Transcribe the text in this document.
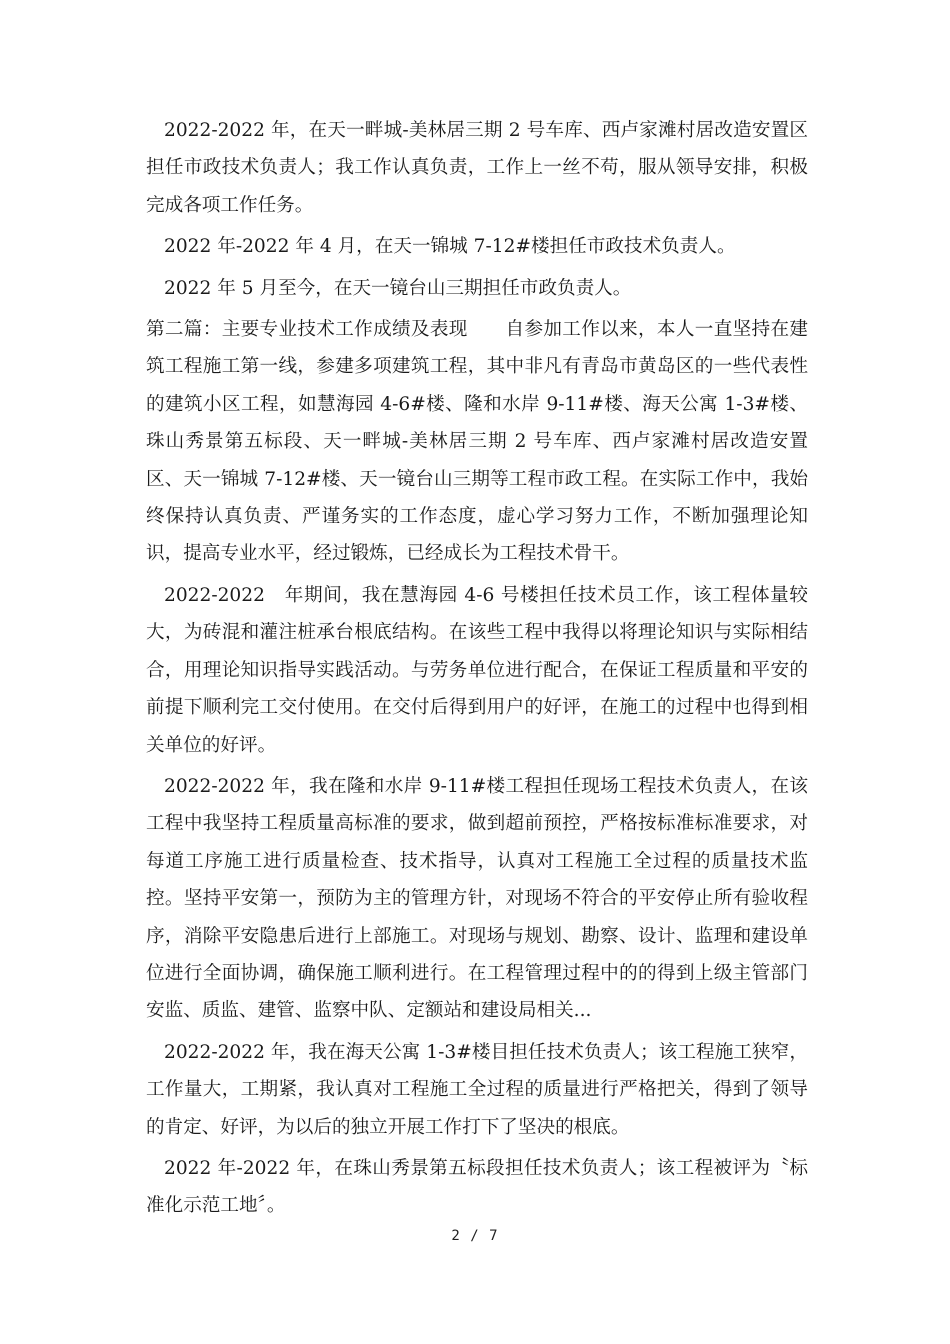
2022-2022 年，在天一畔城-美林居三期 2 号车库、西卢家滩村居改造安置区担任市政技术负责人；我工作认真负责，工作上一丝不苟，服从领导安排，积极完成各项工作任务。

2022 年-2022 年 4 月，在天一锦城 7-12#楼担任市政技术负责人。

2022 年 5 月至今，在天一镜台山三期担任市政负责人。

第二篇：主要专业技术工作成绩及表现　　自参加工作以来，本人一直坚持在建筑工程施工第一线，参建多项建筑工程，其中非凡有青岛市黄岛区的一些代表性的建筑小区工程，如慧海园 4-6#楼、隆和水岸 9-11#楼、海天公寓 1-3#楼、珠山秀景第五标段、天一畔城-美林居三期 2 号车库、西卢家滩村居改造安置区、天一锦城 7-12#楼、天一镜台山三期等工程市政工程。在实际工作中，我始终保持认真负责、严谨务实的工作态度，虚心学习努力工作，不断加强理论知识，提高专业水平，经过锻炼，已经成长为工程技术骨干。

2022-2022　年期间，我在慧海园 4-6 号楼担任技术员工作，该工程体量较大，为砖混和灌注桩承台根底结构。在该些工程中我得以将理论知识与实际相结合，用理论知识指导实践活动。与劳务单位进行配合，在保证工程质量和平安的前提下顺利完工交付使用。在交付后得到用户的好评，在施工的过程中也得到相关单位的好评。

2022-2022 年，我在隆和水岸 9-11#楼工程担任现场工程技术负责人，在该工程中我坚持工程质量高标准的要求，做到超前预控，严格按标准标准要求，对每道工序施工进行质量检查、技术指导，认真对工程施工全过程的质量技术监控。坚持平安第一，预防为主的管理方针，对现场不符合的平安停止所有验收程序，消除平安隐患后进行上部施工。对现场与规划、勘察、设计、监理和建设单位进行全面协调，确保施工顺利进行。在工程管理过程中的的得到上级主管部门安监、质监、建管、监察中队、定额站和建设局相关...

2022-2022 年，我在海天公寓 1-3#楼目担任技术负责人；该工程施工狭窄，工作量大，工期紧，我认真对工程施工全过程的质量进行严格把关，得到了领导的肯定、好评，为以后的独立开展工作打下了坚决的根底。

2022 年-2022 年，在珠山秀景第五标段担任技术负责人；该工程被评为〝标准化示范工地〞。

2 / 7
